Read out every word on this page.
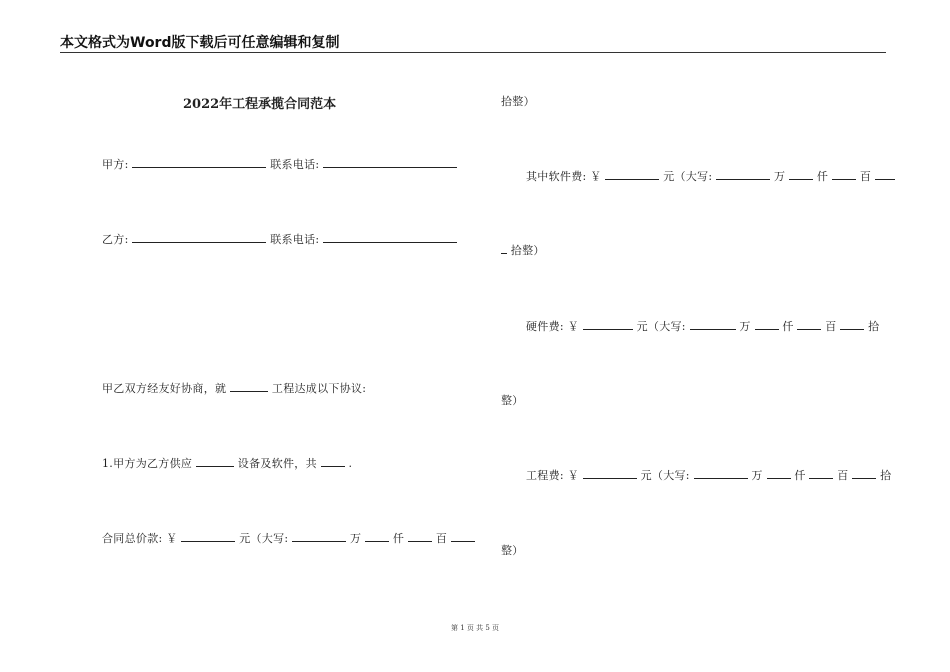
本文格式为Word版下载后可任意编辑和复制
2022年工程承揽合同范本
甲方:	联系电话:
乙方:	联系电话:
甲乙双方经友好协商，就	工程达成以下协议:
1.甲方为乙方供应	设备及软件，共	.
合同总价款: ￥	元（大写:	万	仟	百
拾整）
其中软件费: ￥	元（大写:	万	仟	百
拾整）
硬件费: ￥	元（大写:	万	仟	百	拾
整）
工程费: ￥	元（大写:	万	仟	百	拾
整）
第 1 页 共 5 页
